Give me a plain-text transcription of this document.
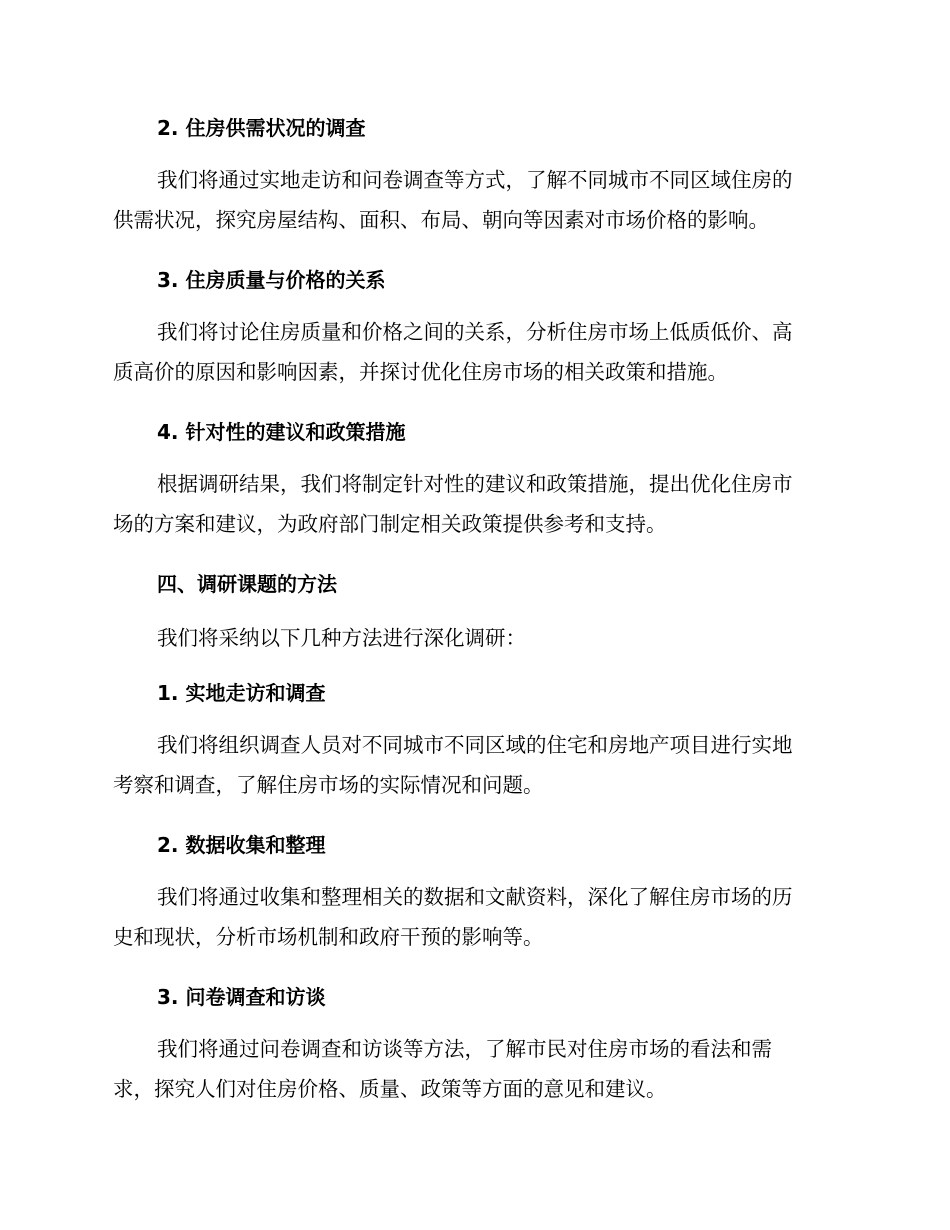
2. 住房供需状况的调查
我们将通过实地走访和问卷调查等方式，了解不同城市不同区域住房的
供需状况，探究房屋结构、面积、布局、朝向等因素对市场价格的影响。
3. 住房质量与价格的关系
我们将讨论住房质量和价格之间的关系，分析住房市场上低质低价、高
质高价的原因和影响因素，并探讨优化住房市场的相关政策和措施。
4. 针对性的建议和政策措施
根据调研结果，我们将制定针对性的建议和政策措施，提出优化住房市
场的方案和建议，为政府部门制定相关政策提供参考和支持。
四、调研课题的方法
我们将采纳以下几种方法进行深化调研：
1. 实地走访和调查
我们将组织调查人员对不同城市不同区域的住宅和房地产项目进行实地
考察和调查，了解住房市场的实际情况和问题。
2. 数据收集和整理
我们将通过收集和整理相关的数据和文献资料，深化了解住房市场的历
史和现状，分析市场机制和政府干预的影响等。
3. 问卷调查和访谈
我们将通过问卷调查和访谈等方法，了解市民对住房市场的看法和需
求，探究人们对住房价格、质量、政策等方面的意见和建议。
